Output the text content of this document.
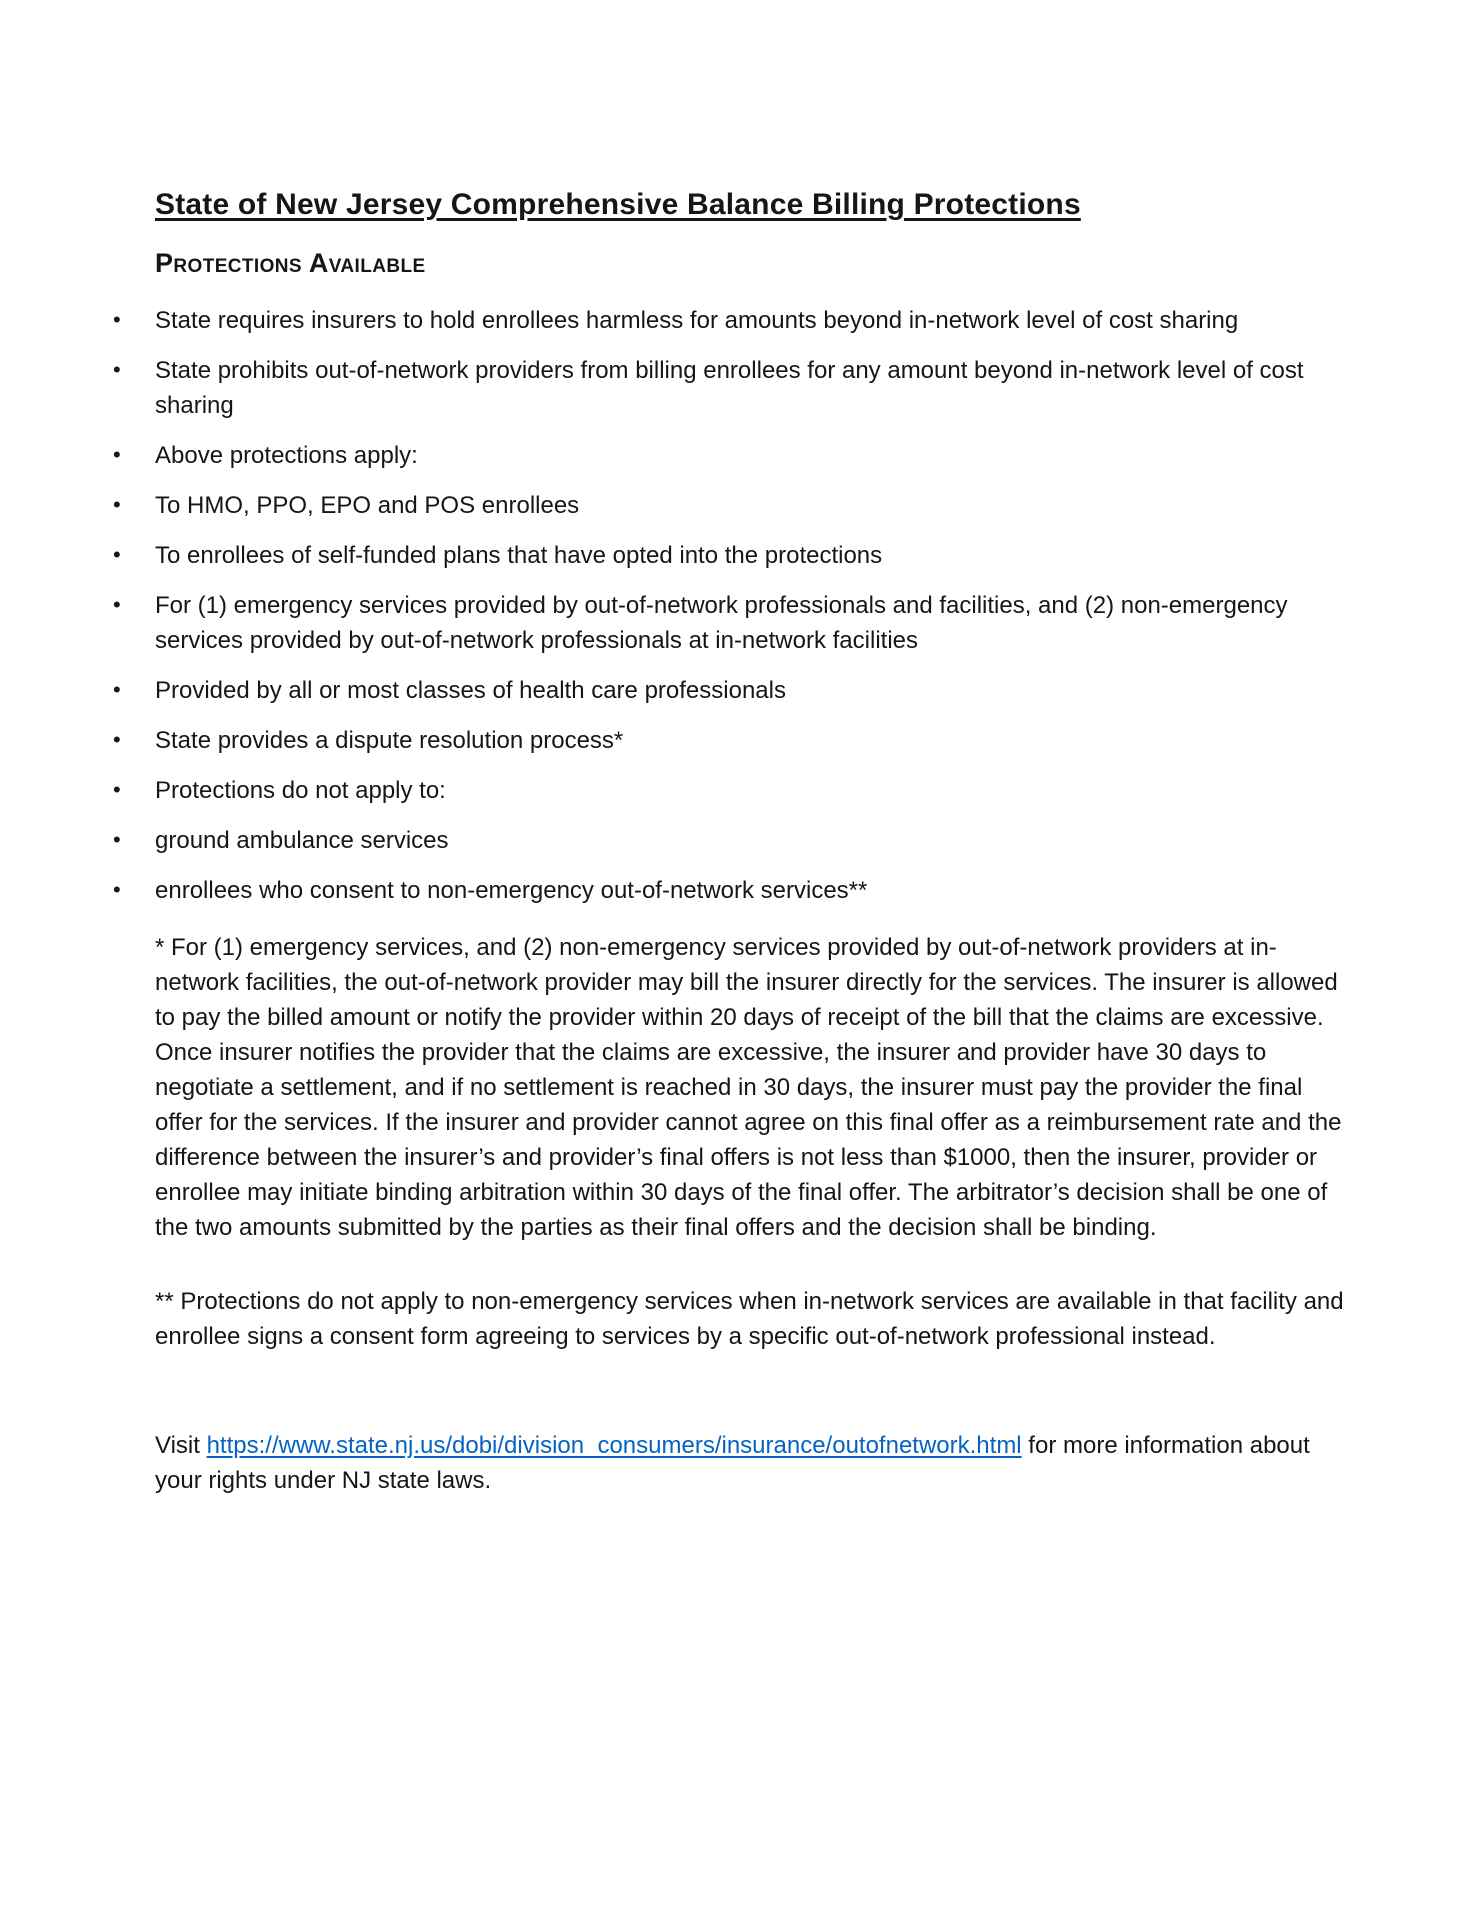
State of New Jersey Comprehensive Balance Billing Protections
Protections Available
• State requires insurers to hold enrollees harmless for amounts beyond in-network level of cost sharing
• State prohibits out-of-network providers from billing enrollees for any amount beyond in-network level of cost sharing
• Above protections apply:
• To HMO, PPO, EPO and POS enrollees
• To enrollees of self-funded plans that have opted into the protections
• For (1) emergency services provided by out-of-network professionals and facilities, and (2) non-emergency services provided by out-of-network professionals at in-network facilities
• Provided by all or most classes of health care professionals
• State provides a dispute resolution process*
• Protections do not apply to:
• ground ambulance services
• enrollees who consent to non-emergency out-of-network services**

* For (1) emergency services, and (2) non-emergency services provided by out-of-network providers at in-network facilities, the out-of-network provider may bill the insurer directly for the services. The insurer is allowed to pay the billed amount or notify the provider within 20 days of receipt of the bill that the claims are excessive. Once insurer notifies the provider that the claims are excessive, the insurer and provider have 30 days to negotiate a settlement, and if no settlement is reached in 30 days, the insurer must pay the provider the final offer for the services. If the insurer and provider cannot agree on this final offer as a reimbursement rate and the difference between the insurer’s and provider’s final offers is not less than $1000, then the insurer, provider or enrollee may initiate binding arbitration within 30 days of the final offer. The arbitrator’s decision shall be one of the two amounts submitted by the parties as their final offers and the decision shall be binding.

** Protections do not apply to non-emergency services when in-network services are available in that facility and enrollee signs a consent form agreeing to services by a specific out-of-network professional instead.

Visit https://www.state.nj.us/dobi/division_consumers/insurance/outofnetwork.html for more information about your rights under NJ state laws.
